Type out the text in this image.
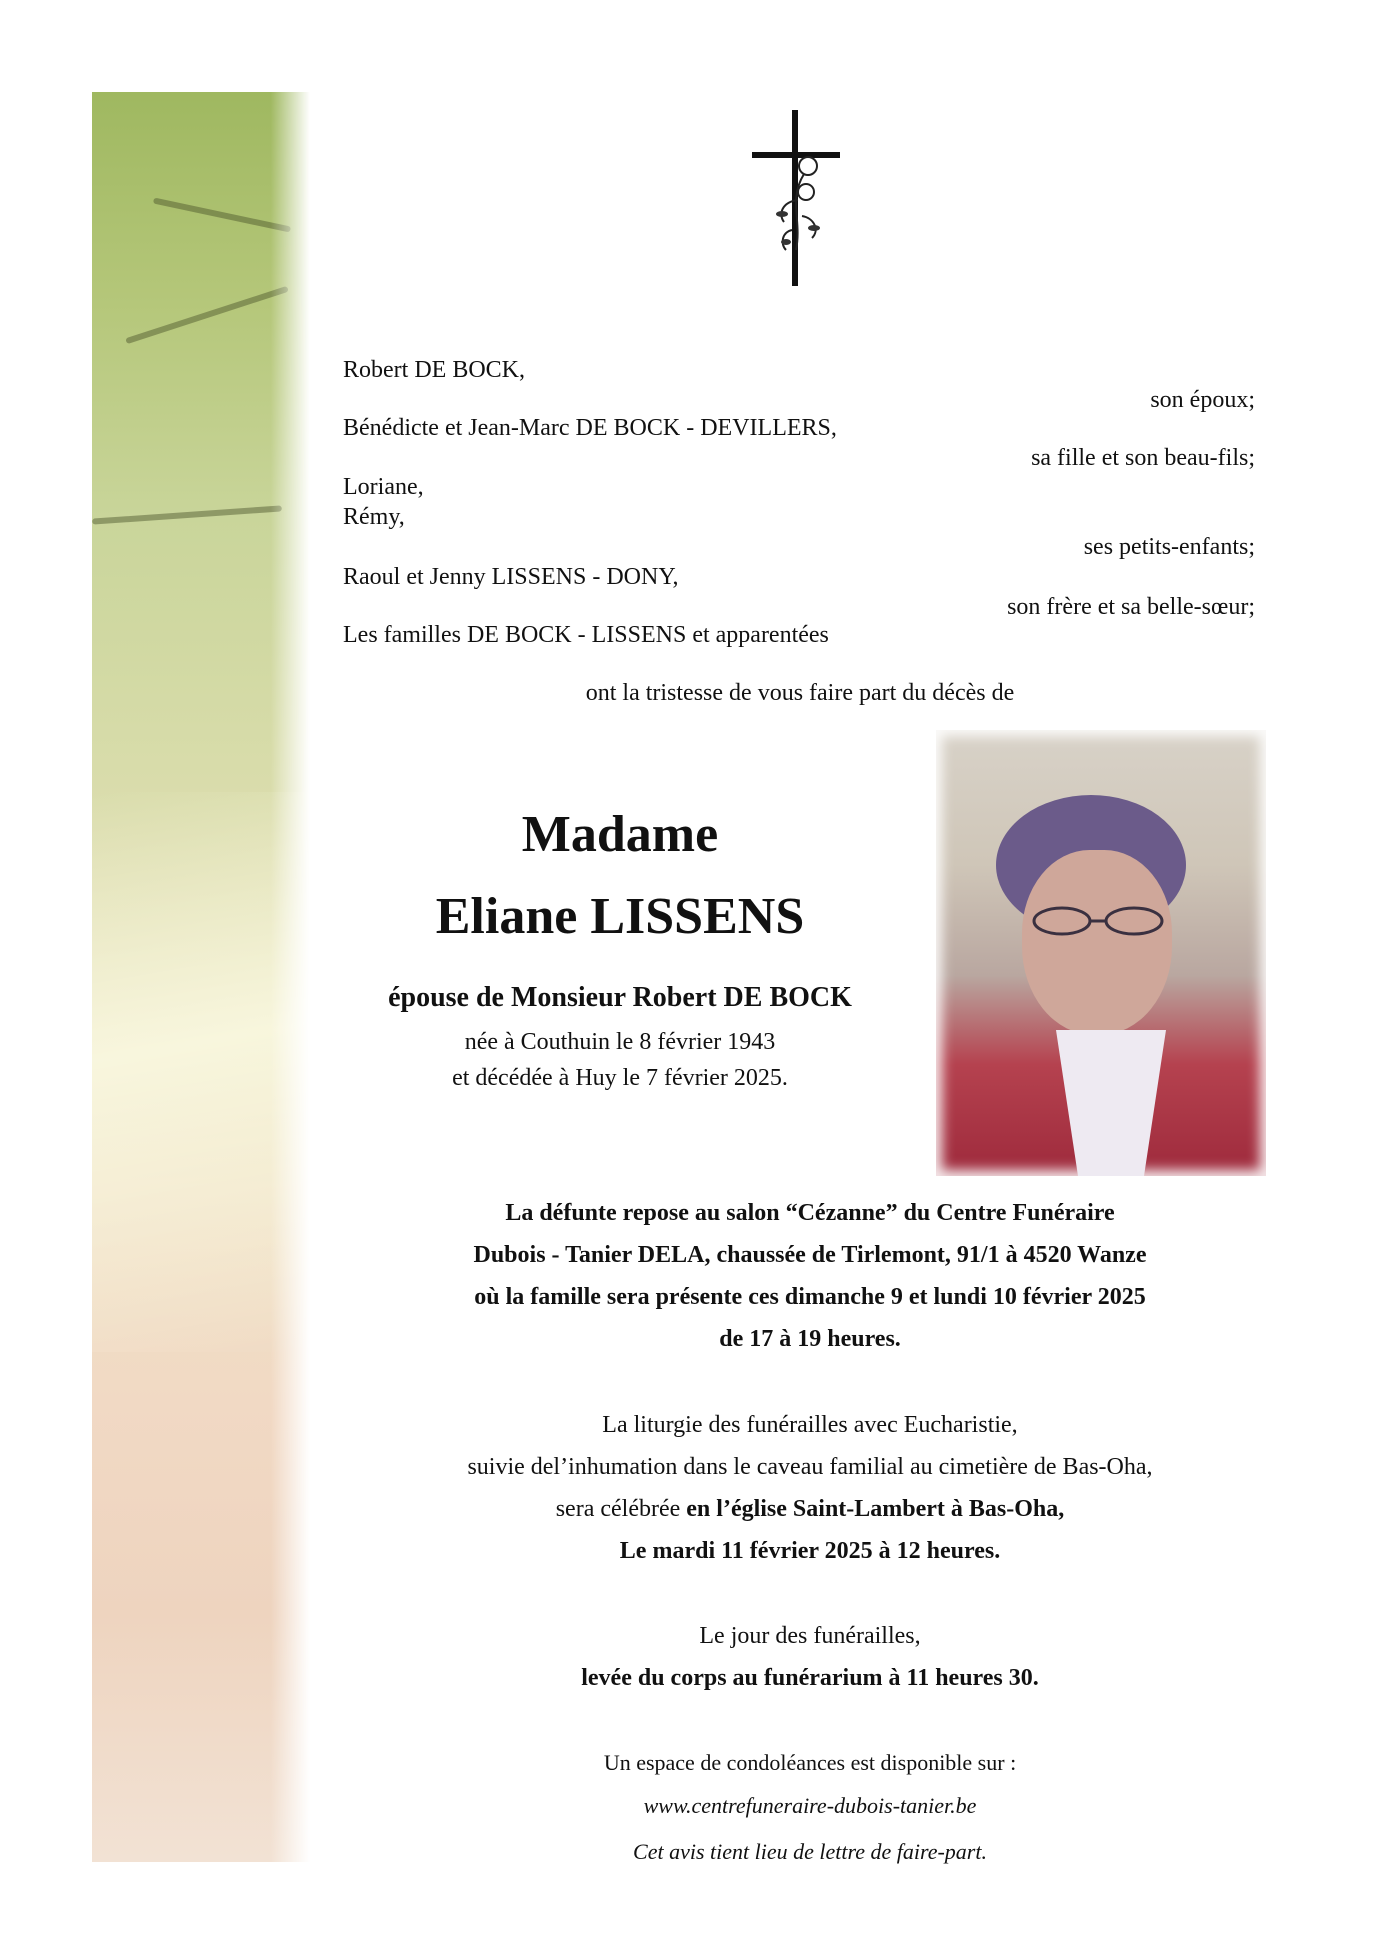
Robert DE BOCK,

son époux;

Bénédicte et Jean-Marc DE BOCK - DEVILLERS,

sa fille et son beau-fils;

Loriane,

Rémy,

ses petits-enfants;

Raoul et Jenny LISSENS - DONY,

son frère et sa belle-sœur;

Les familles DE BOCK - LISSENS et apparentées

ont la tristesse de vous faire part du décès de

Madame

Eliane LISSENS

épouse de Monsieur Robert DE BOCK

née à Couthuin le 8 février 1943

et décédée à Huy le 7 février 2025.

La défunte repose au salon “Cézanne” du Centre Funéraire

Dubois - Tanier DELA, chaussée de Tirlemont, 91/1 à 4520 Wanze

où la famille sera présente ces dimanche 9 et lundi 10 février 2025

de 17 à 19 heures.

La liturgie des funérailles avec Eucharistie,

suivie del’inhumation dans le caveau familial au cimetière de Bas-Oha,

sera célébrée en l’église Saint-Lambert à Bas-Oha,

Le mardi 11 février 2025 à 12 heures.

Le jour des funérailles,

levée du corps au funérarium à 11 heures 30.

Un espace de condoléances est disponible sur :

www.centrefuneraire-dubois-tanier.be

Cet avis tient lieu de lettre de faire-part.
